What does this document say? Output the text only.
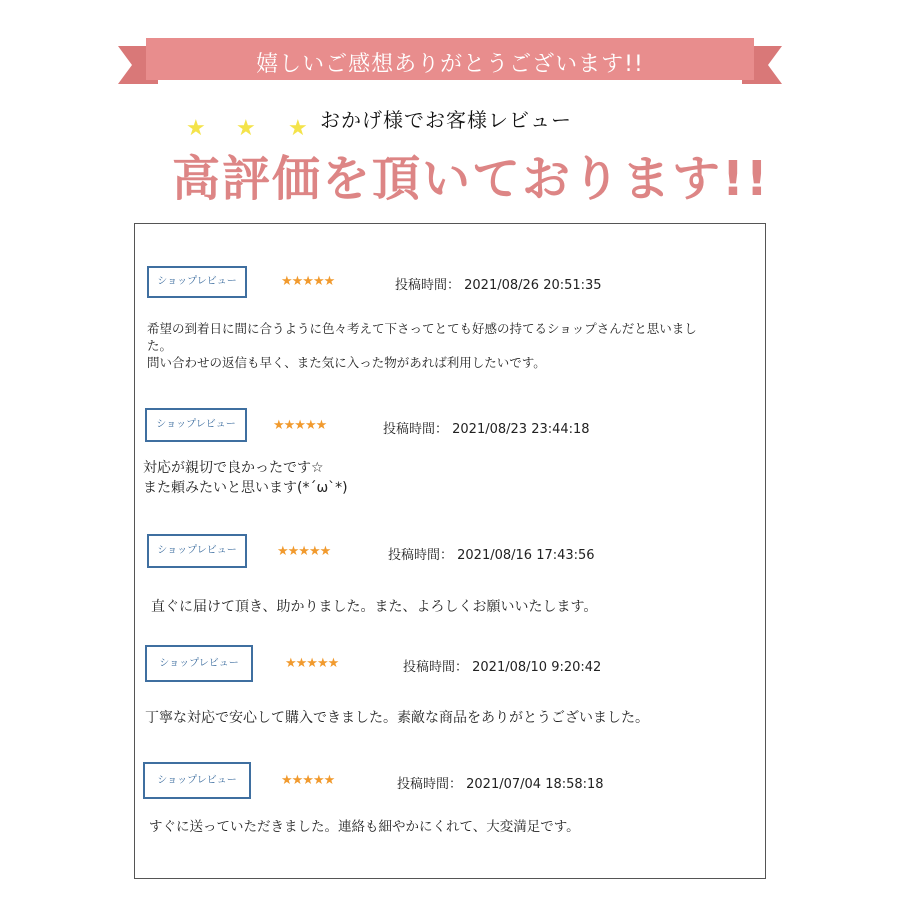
嬉しいご感想ありがとうございます!!
★ ★ ★ おかげ様でお客様レビュー
高評価を頂いております!!
ショップレビュー	★★★★★	投稿時間： 2021/08/26 20:51:35
希望の到着日に間に合うように色々考えて下さってとても好感の持てるショップさんだと思いまし
た。
問い合わせの返信も早く、また気に入った物があれば利用したいです。
ショップレビュー	★★★★★	投稿時間： 2021/08/23 23:44:18
対応が親切で良かったです☆
また頼みたいと思います(*´ω`*)
ショップレビュー	★★★★★	投稿時間： 2021/08/16 17:43:56
直ぐに届けて頂き、助かりました。また、よろしくお願いいたします。
ショップレビュー	★★★★★	投稿時間： 2021/08/10 9:20:42
丁寧な対応で安心して購入できました。素敵な商品をありがとうございました。
ショップレビュー	★★★★★	投稿時間： 2021/07/04 18:58:18
すぐに送っていただきました。連絡も細やかにくれて、大変満足です。
